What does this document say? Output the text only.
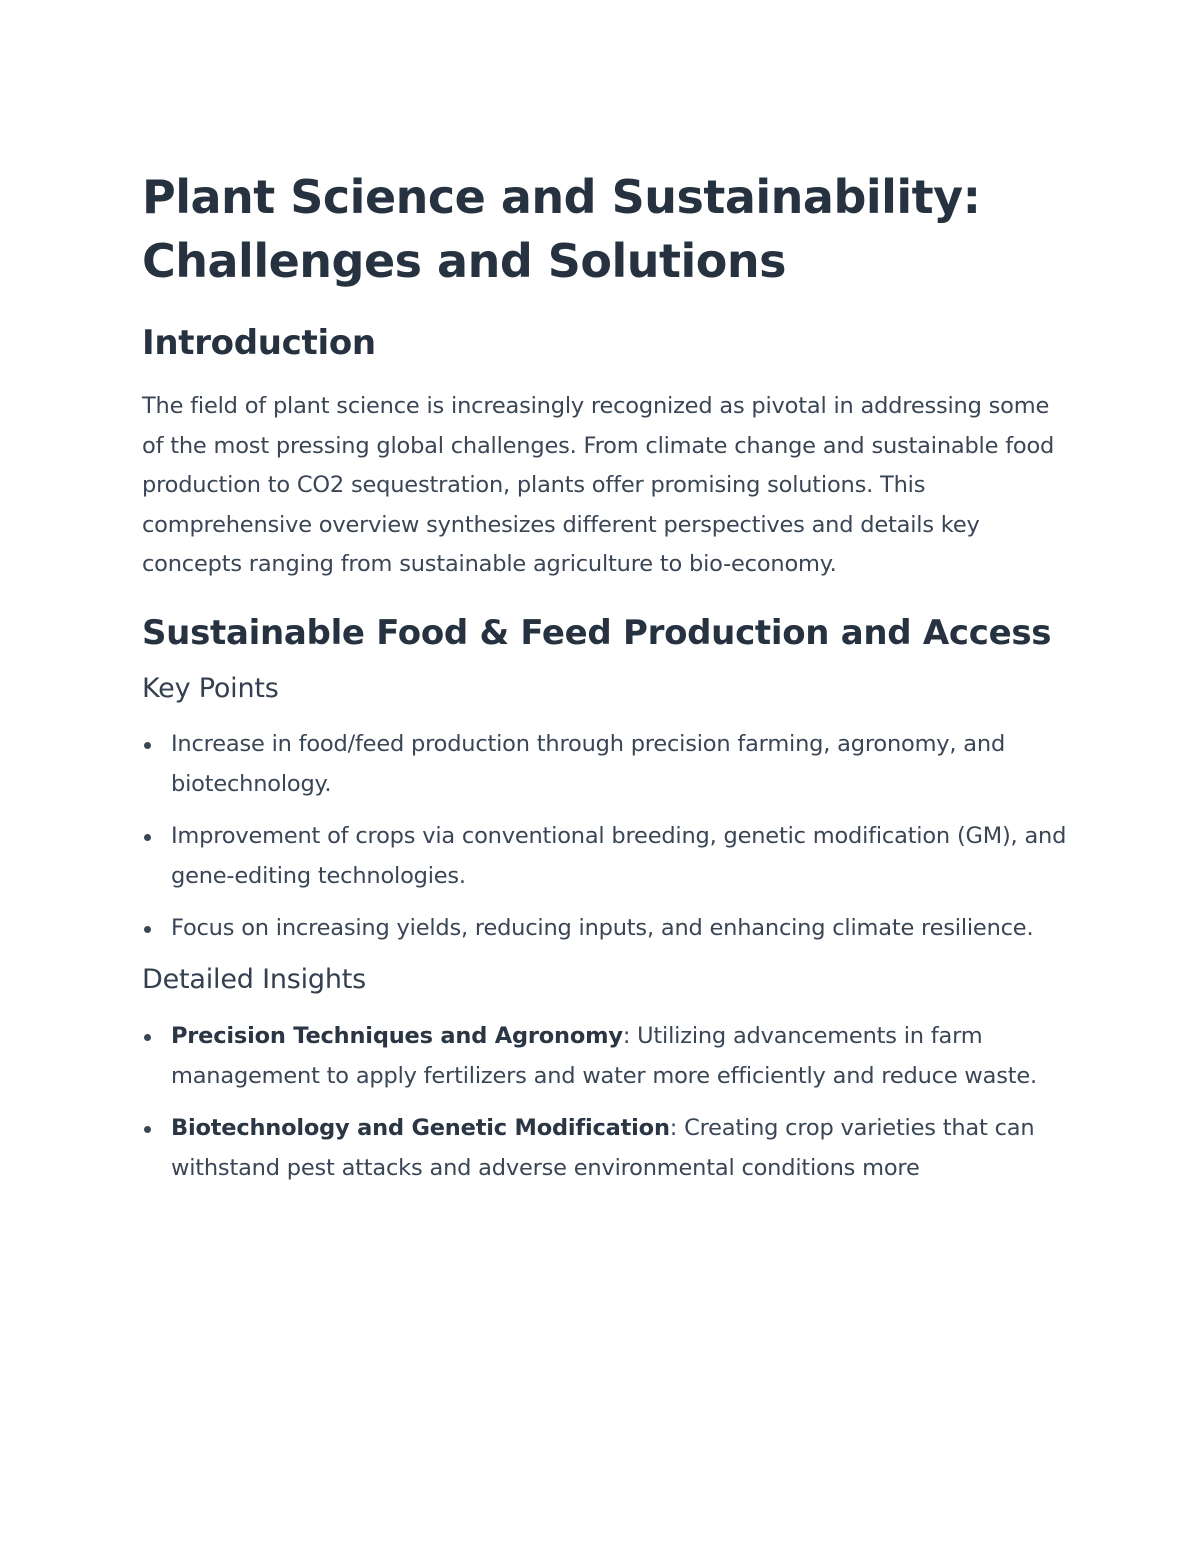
Plant Science and Sustainability: Challenges and Solutions
Introduction

The field of plant science is increasingly recognized as pivotal in addressing some of the most pressing global challenges. From climate change and sustainable food production to CO2 sequestration, plants offer promising solutions. This comprehensive overview synthesizes different perspectives and details key concepts ranging from sustainable agriculture to bio-economy.

Sustainable Food & Feed Production and Access
Key Points
Increase in food/feed production through precision farming, agronomy, and biotechnology.
Improvement of crops via conventional breeding, genetic modification (GM), and gene-editing technologies.
Focus on increasing yields, reducing inputs, and enhancing climate resilience.
Detailed Insights
Precision Techniques and Agronomy: Utilizing advancements in farm management to apply fertilizers and water more efficiently and reduce waste.
Biotechnology and Genetic Modification: Creating crop varieties that can withstand pest attacks and adverse environmental conditions more
